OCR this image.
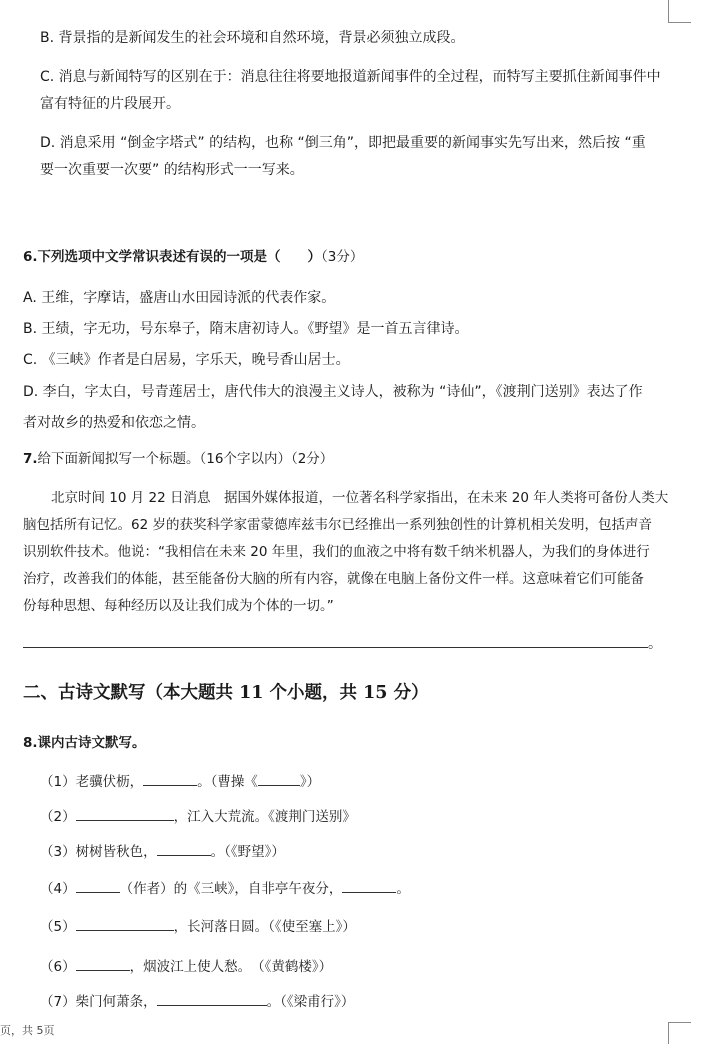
B. 背景指的是新闻发生的社会环境和自然环境，背景必须独立成段。
C. 消息与新闻特写的区别在于：消息往往将要地报道新闻事件的全过程，而特写主要抓住新闻事件中
富有特征的片段展开。
D. 消息采用 “倒金字塔式” 的结构，也称 “倒三角”，即把最重要的新闻事实先写出来，然后按 “重
要一次重要一次要” 的结构形式一一写来。
6.下列选项中文学常识表述有误的一项是（　　）（3分）
A. 王维，字摩诘，盛唐山水田园诗派的代表作家。
B. 王绩，字无功，号东皋子，隋末唐初诗人。《野望》是一首五言律诗。
C. 《三峡》作者是白居易，字乐天，晚号香山居士。
D. 李白，字太白，号青莲居士，唐代伟大的浪漫主义诗人，被称为 “诗仙”，《渡荆门送别》表达了作
者对故乡的热爱和依恋之情。
7.给下面新闻拟写一个标题。（16个字以内）（2分）
北京时间 10 月 22 日消息　据国外媒体报道，一位著名科学家指出，在未来 20 年人类将可备份人类大
脑包括所有记忆。62 岁的获奖科学家雷蒙德库兹韦尔已经推出一系列独创性的计算机相关发明，包括声音
识别软件技术。他说：“我相信在未来 20 年里，我们的血液之中将有数千纳米机器人，为我们的身体进行
治疗，改善我们的体能，甚至能备份大脑的所有内容，就像在电脑上备份文件一样。这意味着它们可能备
份每种思想、每种经历以及让我们成为个体的一切。”
。
二、古诗文默写（本大题共 11 个小题，共 15 分）
8.课内古诗文默写。
（1）老骥伏枥，	。（曹操《	》）
（2）	，江入大荒流。《渡荆门送别》
（3）树树皆秋色，	。（《野望》）
（4）	（作者）的《三峡》，自非亭午夜分，	。
（5）	，长河落日圆。（《使至塞上》）
（6）	，烟波江上使人愁。　（《黄鹤楼》）
（7）柴门何萧条，	。（《梁甫行》）
页，共 5页
